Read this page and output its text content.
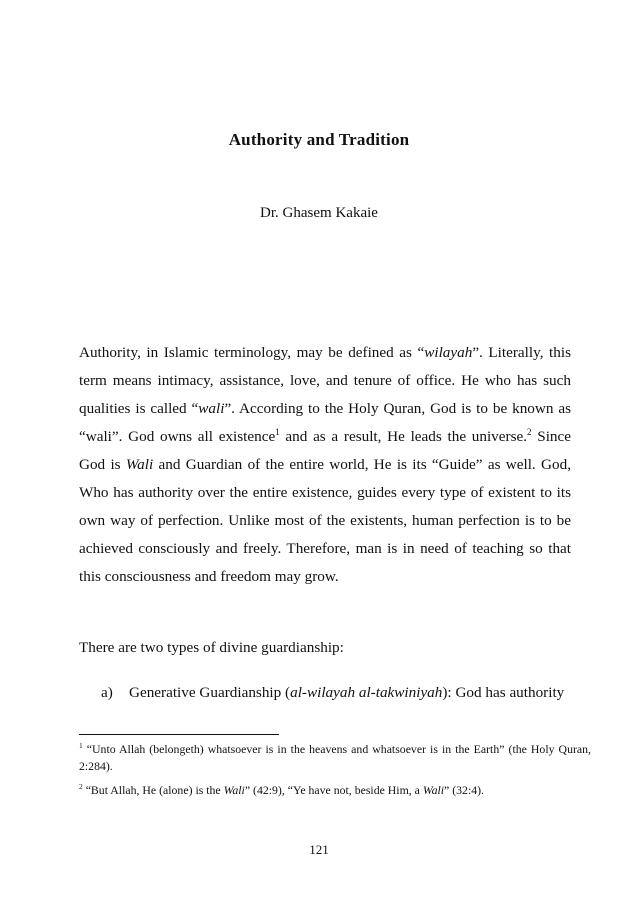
Authority and Tradition
Dr. Ghasem Kakaie

Authority, in Islamic terminology, may be defined as “wilayah”. Literally, this term means intimacy, assistance, love, and tenure of office. He who has such qualities is called “wali”. According to the Holy Quran, God is to be known as “wali”. God owns all existence$^1$ and as a result, He leads the universe.$^2$ Since God is Wali and Guardian of the entire world, He is its “Guide” as well. God, Who has authority over the entire existence, guides every type of existent to its own way of perfection. Unlike most of the existents, human perfection is to be achieved consciously and freely. Therefore, man is in need of teaching so that this consciousness and freedom may grow.

There are two types of divine guardianship:

a) Generative Guardianship (al-wilayah al-takwiniyah): God has authority

$^1$ “Unto Allah (belongeth) whatsoever is in the heavens and whatsoever is in the Earth” (the Holy Quran, 2:284).

$^2$ “But Allah, He (alone) is the Wali” (42:9), “Ye have not, beside Him, a Wali” (32:4).

121
